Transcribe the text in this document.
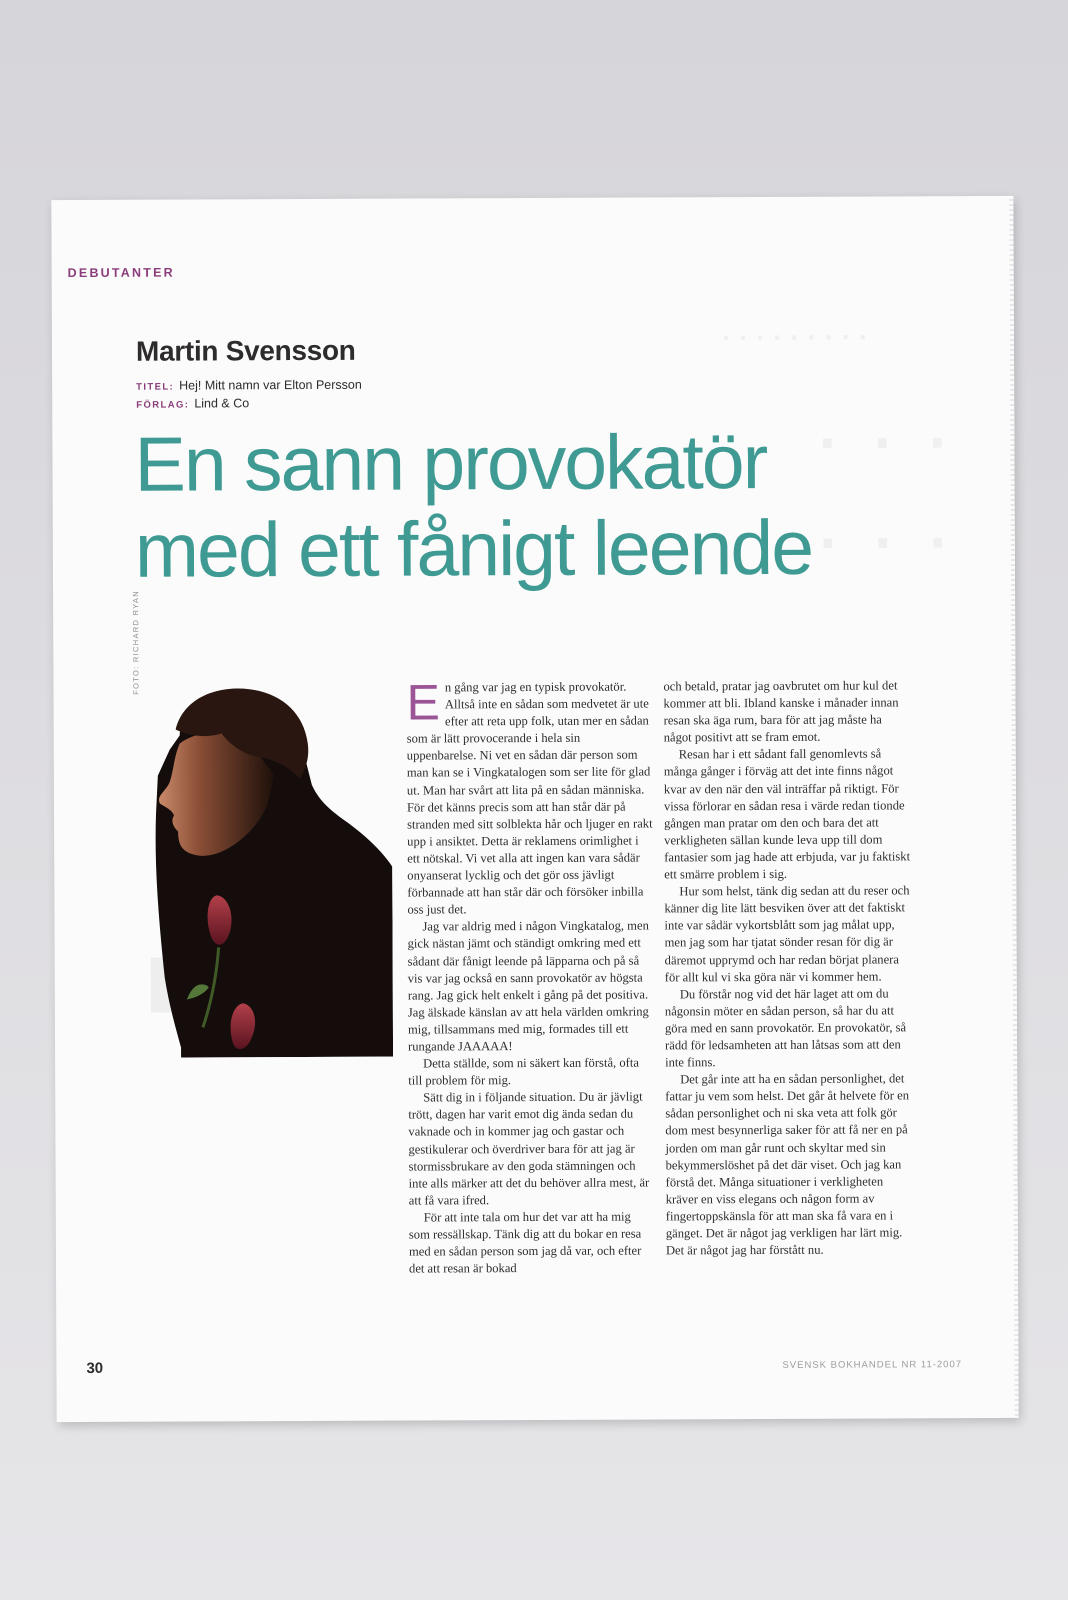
DEBUTANTER
Martin Svensson
TITEL: Hej! Mitt namn var Elton Persson
FÖRLAG: Lind & Co
En sann provokatör
med ett fånigt leende
FOTO: RICHARD RYAN

En gång var jag en typisk provokatör. Alltså inte en sådan som medvetet är ute efter att reta upp folk, utan mer en sådan som är lätt provocerande i hela sin uppenbarelse. Ni vet en sådan där person som man kan se i Vingkatalogen som ser lite för glad ut. Man har svårt att lita på en sådan människa. För det känns precis som att han står där på stranden med sitt solblekta hår och ljuger en rakt upp i ansiktet. Detta är reklamens orimlighet i ett nötskal. Vi vet alla att ingen kan vara sådär onyanserat lycklig och det gör oss jävligt förbannade att han står där och försöker inbilla oss just det.

Jag var aldrig med i någon Vingkatalog, men gick nästan jämt och ständigt omkring med ett sådant där fånigt leende på läpparna och på så vis var jag också en sann provokatör av högsta rang. Jag gick helt enkelt i gång på det positiva. Jag älskade känslan av att hela världen omkring mig, tillsammans med mig, formades till ett rungande JAAAAA!

Detta ställde, som ni säkert kan förstå, ofta till problem för mig.

Sätt dig in i följande situation. Du är jävligt trött, dagen har varit emot dig ända sedan du vaknade och in kommer jag och gastar och gestikulerar och överdriver bara för att jag är stormissbrukare av den goda stämningen och inte alls märker att det du behöver allra mest, är att få vara ifred.

För att inte tala om hur det var att ha mig som ressällskap. Tänk dig att du bokar en resa med en sådan person som jag då var, och efter det att resan är bokad

och betald, pratar jag oavbrutet om hur kul det kommer att bli. Ibland kanske i månader innan resan ska äga rum, bara för att jag måste ha något positivt att se fram emot.

Resan har i ett sådant fall genomlevts så många gånger i förväg att det inte finns något kvar av den när den väl inträffar på riktigt. För vissa förlorar en sådan resa i värde redan tionde gången man pratar om den och bara det att verkligheten sällan kunde leva upp till dom fantasier som jag hade att erbjuda, var ju faktiskt ett smärre problem i sig.

Hur som helst, tänk dig sedan att du reser och känner dig lite lätt besviken över att det faktiskt inte var sådär vykortsblått som jag målat upp, men jag som har tjatat sönder resan för dig är däremot upprymd och har redan börjat planera för allt kul vi ska göra när vi kommer hem.

Du förstår nog vid det här laget att om du någonsin möter en sådan person, så har du att göra med en sann provokatör. En provokatör, så rädd för ledsamheten att han låtsas som att den inte finns.

Det går inte att ha en sådan personlighet, det fattar ju vem som helst. Det går åt helvete för en sådan personlighet och ni ska veta att folk gör dom mest besynnerliga saker för att få ner en på jorden om man går runt och skyltar med sin bekymmerslöshet på det där viset. Och jag kan förstå det. Många situationer i verkligheten kräver en viss elegans och någon form av fingertoppskänsla för att man ska få vara en i gänget. Det är något jag verkligen har lärt mig. Det är något jag har förstått nu.

30	SVENSK BOKHANDEL NR 11-2007
